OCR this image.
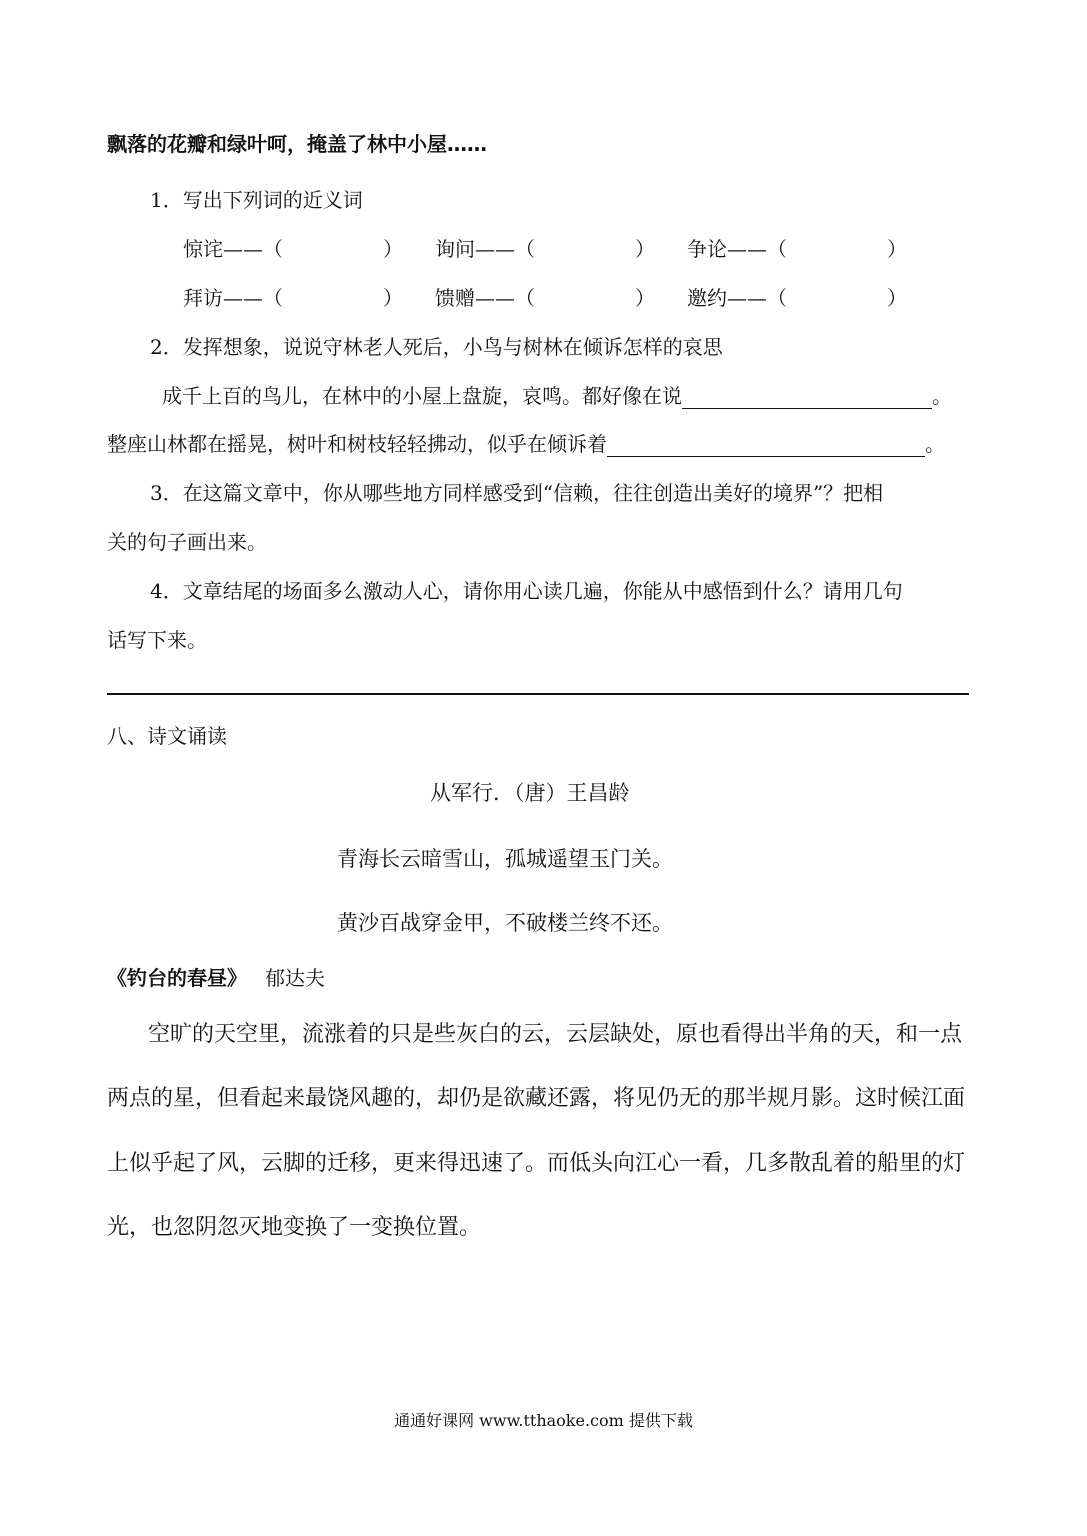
飘落的花瓣和绿叶呵，掩盖了林中小屋……
1．写出下列词的近义词
惊诧——（　　　　　） 询问——（　　　　　） 争论——（　　　　　）
拜访——（　　　　　） 馈赠——（　　　　　） 邀约——（　　　　　）
2．发挥想象，说说守林老人死后，小鸟与树林在倾诉怎样的哀思
成千上百的鸟儿，在林中的小屋上盘旋，哀鸣。都好像在说	。
整座山林都在摇晃，树叶和树枝轻轻拂动，似乎在倾诉着	。
3．在这篇文章中，你从哪些地方同样感受到“信赖，往往创造出美好的境界”？把相
关的句子画出来。
4．文章结尾的场面多么激动人心，请你用心读几遍，你能从中感悟到什么？请用几句
话写下来。
八、诗文诵读
从军行．（唐）王昌龄
青海长云暗雪山，孤城遥望玉门关。
黄沙百战穿金甲，不破楼兰终不还。
《钓台的春昼》 郁达夫
空旷的天空里，流涨着的只是些灰白的云，云层缺处，原也看得出半角的天，和一点
两点的星，但看起来最饶风趣的，却仍是欲藏还露，将见仍无的那半规月影。这时候江面
上似乎起了风，云脚的迁移，更来得迅速了。而低头向江心一看，几多散乱着的船里的灯
光，也忽阴忽灭地变换了一变换位置。
通通好课网 www.tthaoke.com 提供下载
